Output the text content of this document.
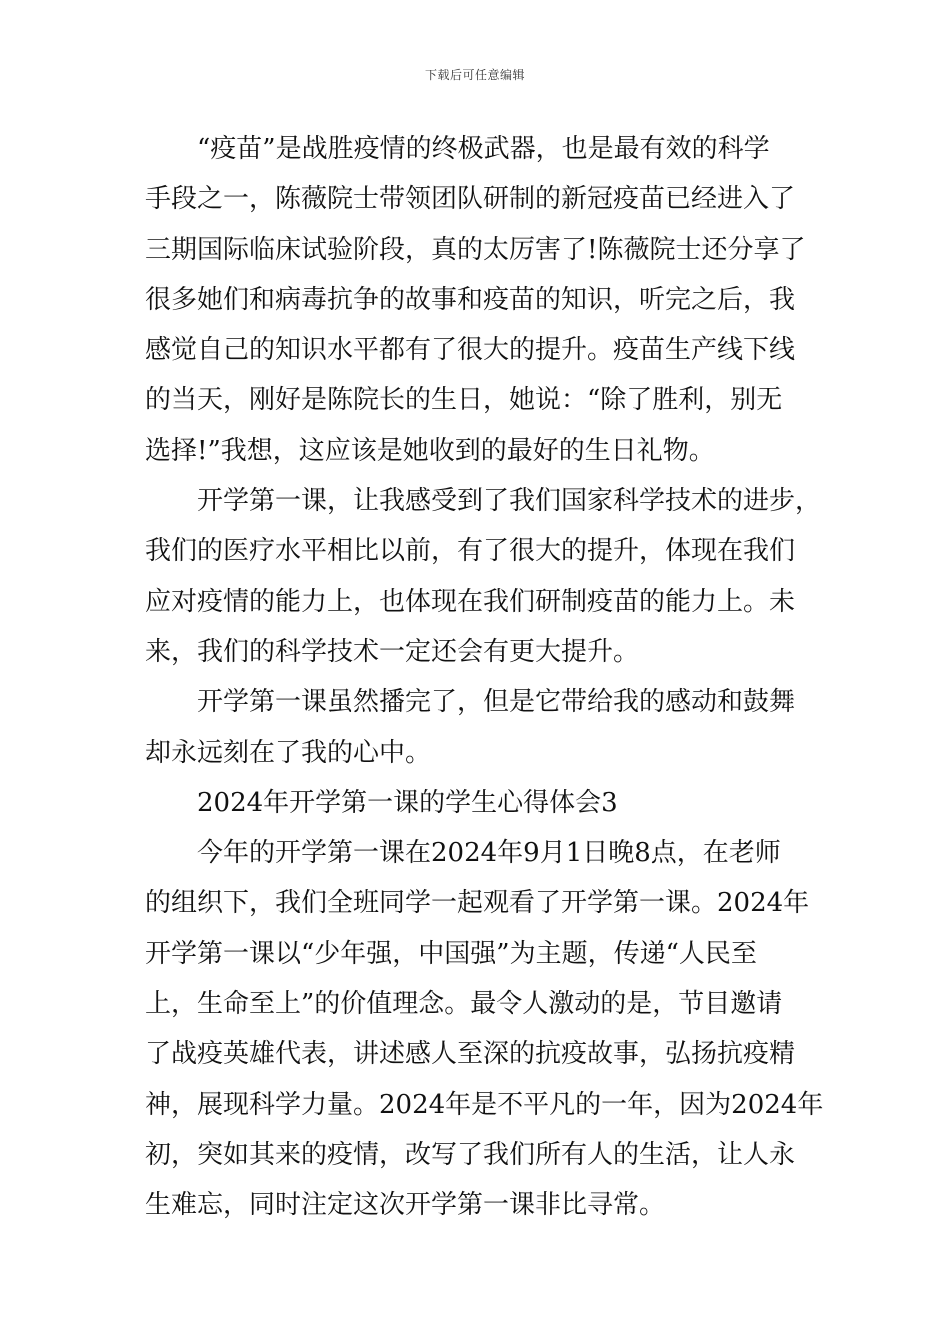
下载后可任意编辑
“疫苗”是战胜疫情的终极武器，也是最有效的科学
手段之一，陈薇院士带领团队研制的新冠疫苗已经进入了
三期国际临床试验阶段，真的太厉害了!陈薇院士还分享了
很多她们和病毒抗争的故事和疫苗的知识，听完之后，我
感觉自己的知识水平都有了很大的提升。疫苗生产线下线
的当天，刚好是陈院长的生日，她说：“除了胜利，别无
选择!”我想，这应该是她收到的最好的生日礼物。
开学第一课，让我感受到了我们国家科学技术的进步，
我们的医疗水平相比以前，有了很大的提升，体现在我们
应对疫情的能力上，也体现在我们研制疫苗的能力上。未
来，我们的科学技术一定还会有更大提升。
开学第一课虽然播完了，但是它带给我的感动和鼓舞
却永远刻在了我的心中。
2024年开学第一课的学生心得体会3
今年的开学第一课在2024年9月1日晚8点，在老师
的组织下，我们全班同学一起观看了开学第一课。2024年
开学第一课以“少年强，中国强”为主题，传递“人民至
上，生命至上”的价值理念。最令人激动的是，节目邀请
了战疫英雄代表，讲述感人至深的抗疫故事，弘扬抗疫精
神，展现科学力量。2024年是不平凡的一年，因为2024年
初，突如其来的疫情，改写了我们所有人的生活，让人永
生难忘，同时注定这次开学第一课非比寻常。
